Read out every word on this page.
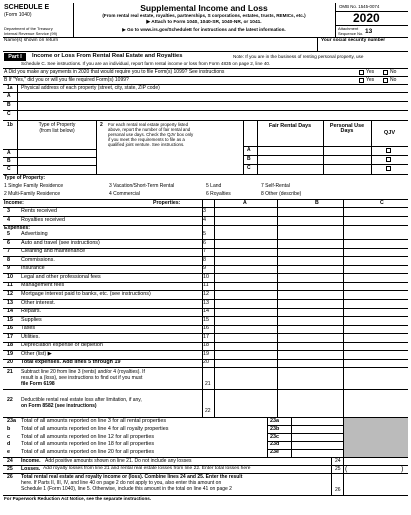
SCHEDULE E
(Form 1040)
Department of the Treasury
Internal Revenue Service (99)
Supplemental Income and Loss
(From rental real estate, royalties, partnerships, S corporations, estates, trusts, REMICs, etc.)
▶ Attach to Form 1040, 1040-SR, 1040-NR, or 1041.
▶ Go to www.irs.gov/ScheduleE for instructions and the latest information.
OMB No. 1545-0074
2020
Attachment
Sequence No. 13
Name(s) shown on return	Your social security number
Part I	Income or Loss From Rental Real Estate and Royalties	Note: If you are in the business of renting personal property, use
Schedule C. See instructions. If you are an individual, report farm rental income or loss from Form 4835 on page 2, line 40.
A Did you make any payments in 2020 that would require you to file Form(s) 1099? See instructions	Yes	No
B If "Yes," did you or will you file required Form(s) 1099?	Yes	No
1a Physical address of each property (street, city, state, ZIP code)
A
B
C
1b	Type of Property
(from list below)
2 For each rental real estate property listed
above, report the number of fair rental and
personal use days. Check the QJV box only
if you meet the requirements to file as a
qualified joint venture. See instructions.
Fair Rental Days	Personal Use Days	QJV
A
B
C
A
B
C
Type of Property:
1 Single Family Residence
2 Multi-Family Residence
3 Vacation/Short-Term Rental
4 Commercial
5 Land
6 Royalties
7 Self-Rental
8 Other (describe)
Income:	Properties:	A	B	C
3	Rents received	3
4	Royalties received	4
Expenses:
5	Advertising	5
6	Auto and travel (see instructions)	6
7	Cleaning and maintenance	7
8	Commissions.	8
9	Insurance	9
10	Legal and other professional fees	10
11	Management fees	11
12	Mortgage interest paid to banks, etc. (see instructions)	12
13	Other interest.	13
14	Repairs.	14
15	Supplies	15
16	Taxes	16
17	Utilities.	17
18	Depreciation expense or depletion	18
19	Other (list) ▶	19
20	Total expenses. Add lines 5 through 19	20
21 Subtract line 20 from line 3 (rents) and/or 4 (royalties). If
result is a (loss), see instructions to find out if you must
file Form 6198	21
22 Deductible rental real estate loss after limitation, if any,
on Form 8582 (see instructions)
22
23a Total of all amounts reported on line 3 for all rental properties	23a
b	Total of all amounts reported on line 4 for all royalty properties	23b
c	Total of all amounts reported on line 12 for all properties	23c
d	Total of all amounts reported on line 18 for all properties	23d
e	Total of all amounts reported on line 20 for all properties	23e
24 Income. Add positive amounts shown on line 21. Do not include any losses	24
25 Losses. Add royalty losses from line 21 and rental real estate losses from line 22. Enter total losses here	25 (	)
26 Total rental real estate and royalty income or (loss). Combine lines 24 and 25. Enter the result
here. If Parts II, III, IV, and line 40 on page 2 do not apply to you, also enter this amount on
Schedule 1 (Form 1040), line 5. Otherwise, include this amount in the total on line 41 on page 2	26
For Paperwork Reduction Act Notice, see the separate instructions.
